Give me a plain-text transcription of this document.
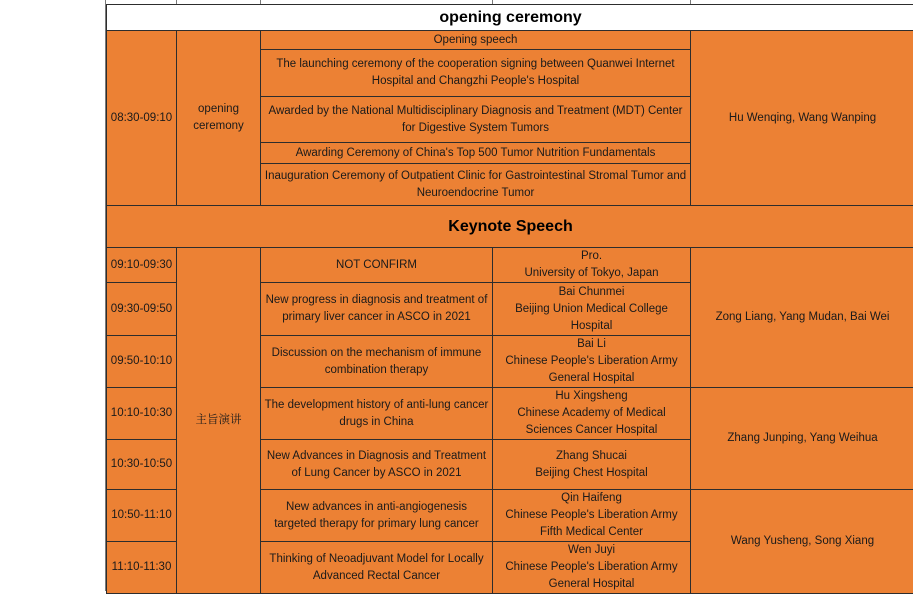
opening ceremony				
08:30-09:10	opening ceremony	Opening speech		Hu Wenqing, Wang Wanping
		The launching ceremony of the cooperation signing between Quanwei Internet Hospital and Changzhi People's Hospital		
		Awarded by the National Multidisciplinary Diagnosis and Treatment (MDT) Center for Digestive System Tumors		
		Awarding Ceremony of China's Top 500 Tumor Nutrition Fundamentals		
		Inauguration Ceremony of Outpatient Clinic for Gastrointestinal Stromal Tumor and Neuroendocrine Tumor		
Keynote Speech				
09:10-09:30	主旨演讲	NOT CONFIRM	Pro.
University of Tokyo, Japan	Zong Liang, Yang Mudan, Bai Wei
09:30-09:50		New progress in diagnosis and treatment of primary liver cancer in ASCO in 2021	Bai Chunmei
Beijing Union Medical College Hospital	

09:50-10:10		Discussion on the mechanism of immune combination therapy	Bai Li
Chinese People's Liberation Army General Hospital	

10:10-10:30		The development history of anti-lung cancer drugs in China	Hu Xingsheng
Chinese Academy of Medical Sciences Cancer Hospital	Zhang Junping, Yang Weihua
10:30-10:50		New Advances in Diagnosis and Treatment of Lung Cancer by ASCO in 2021	Zhang Shucai
Beijing Chest Hospital	

10:50-11:10		New advances in anti-angiogenesis targeted therapy for primary lung cancer	Qin Haifeng
Chinese People's Liberation Army Fifth Medical Center	Wang Yusheng, Song Xiang
11:10-11:30		Thinking of Neoadjuvant Model for Locally Advanced Rectal Cancer	Wen Juyi
Chinese People's Liberation Army General Hospital	
